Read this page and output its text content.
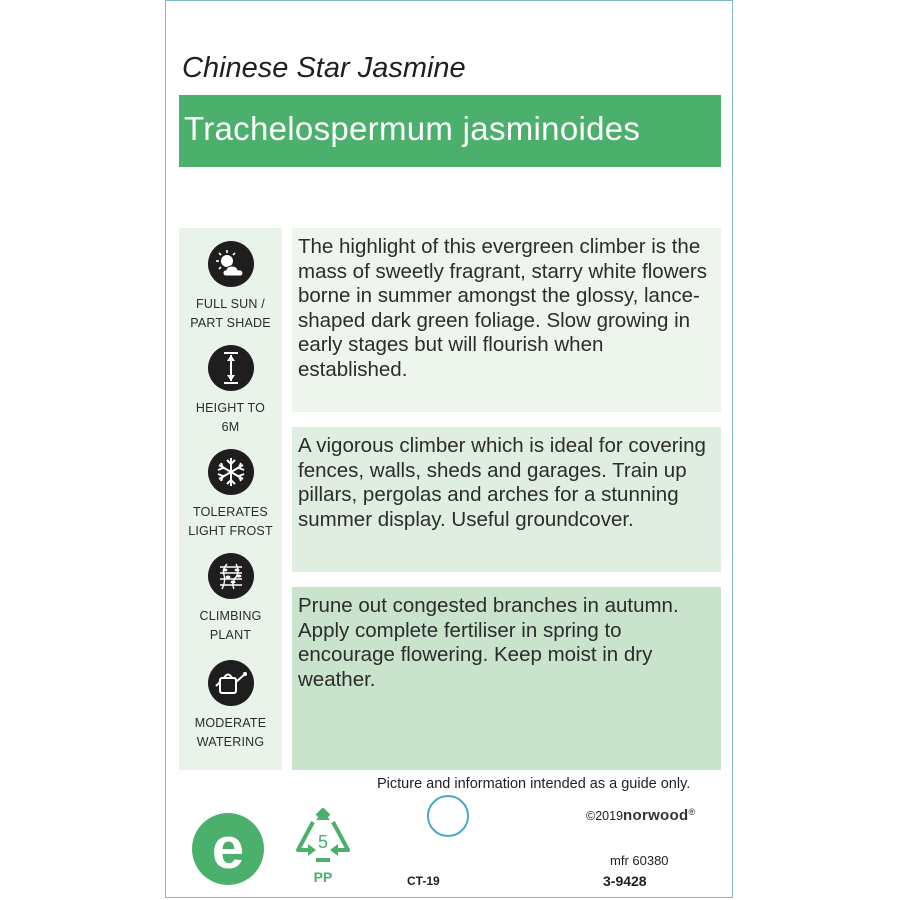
Chinese Star Jasmine
Trachelospermum jasminoides
FULL SUN /
PART SHADE
HEIGHT TO
6M
TOLERATES
LIGHT FROST
CLIMBING
PLANT
MODERATE
WATERING

The highlight of this evergreen climber is the mass of sweetly fragrant, starry white flowers borne in summer amongst the glossy, lance-shaped dark green foliage. Slow growing in early stages but will flourish when established.

A vigorous climber which is ideal for covering fences, walls, sheds and garages. Train up pillars, pergolas and arches for a stunning summer display. Useful groundcover.

Prune out congested branches in autumn. Apply complete fertiliser in spring to encourage flowering. Keep moist in dry weather.

Picture and information intended as a guide only.
©2019norwood®
e	5
PP	CT-19
mfr 60380
3-9428
